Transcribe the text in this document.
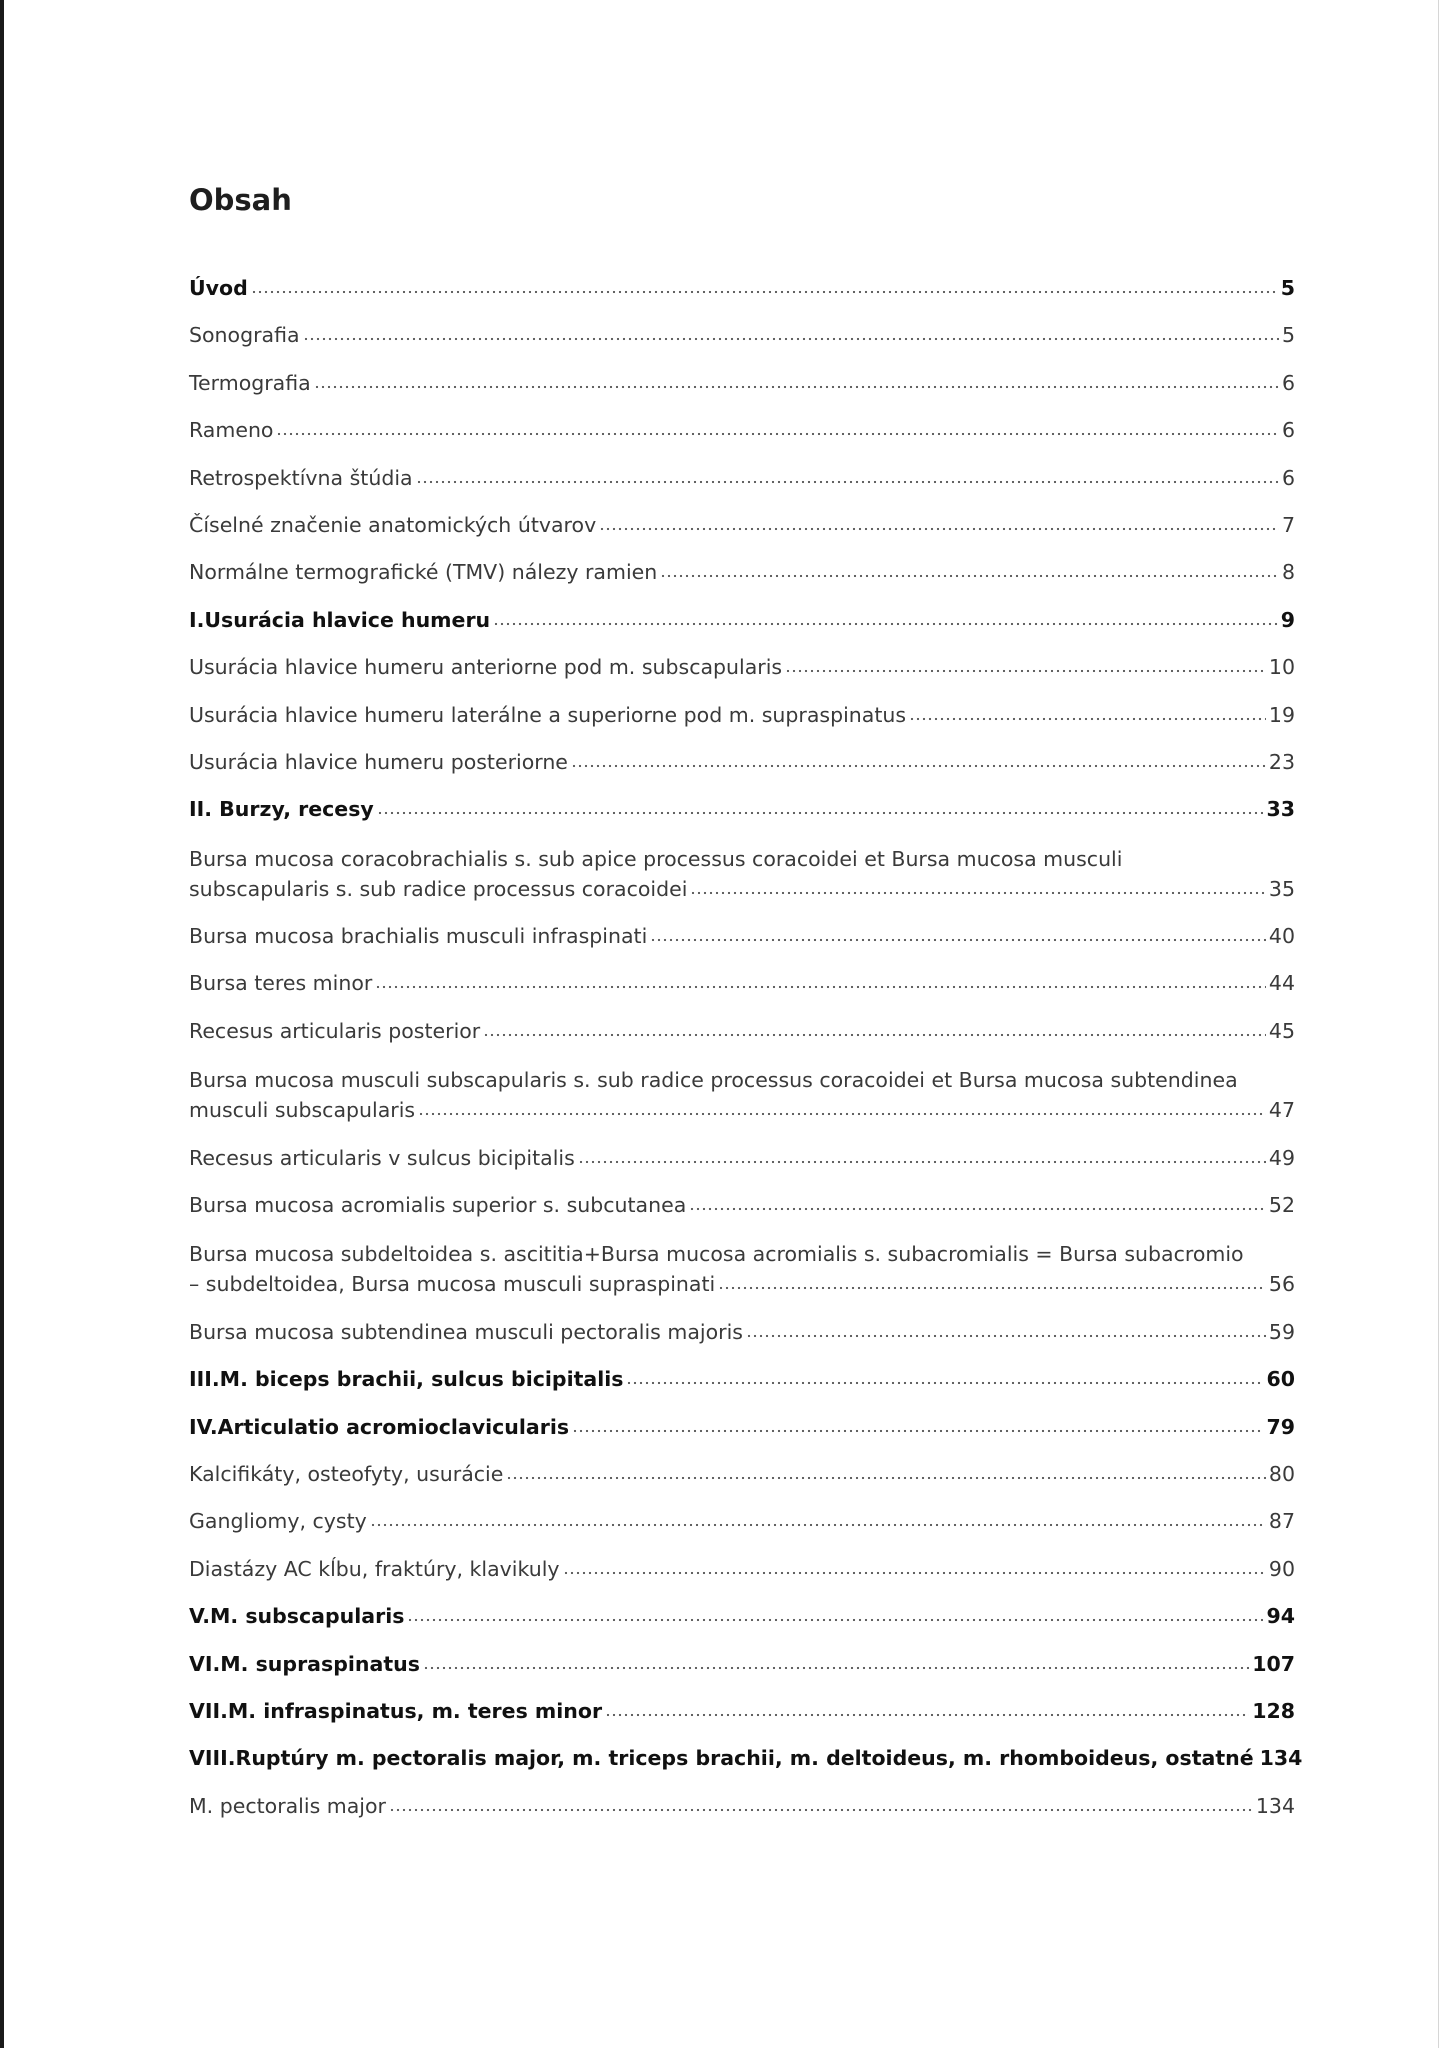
Obsah
Úvod	5
Sonografia	5
Termografia	6
Rameno	6
Retrospektívna štúdia	6
Číselné značenie anatomických útvarov	7
Normálne termografické (TMV) nálezy ramien	8
I.Usurácia hlavice humeru	9
Usurácia hlavice humeru anteriorne pod m. subscapularis	10
Usurácia hlavice humeru laterálne a superiorne pod m. supraspinatus	19
Usurácia hlavice humeru posteriorne	23
II. Burzy, recesy	33
Bursa mucosa coracobrachialis s. sub apice processus coracoidei et Bursa mucosa musculi
subscapularis s. sub radice processus coracoidei	35
Bursa mucosa brachialis musculi infraspinati	40
Bursa teres minor	44
Recesus articularis posterior	45
Bursa mucosa musculi subscapularis s. sub radice processus coracoidei et Bursa mucosa subtendinea
musculi subscapularis	47
Recesus articularis v sulcus bicipitalis	49
Bursa mucosa acromialis superior s. subcutanea	52
Bursa mucosa subdeltoidea s. ascititia+Bursa mucosa acromialis s. subacromialis = Bursa subacromio
– subdeltoidea, Bursa mucosa musculi supraspinati	56
Bursa mucosa subtendinea musculi pectoralis majoris	59
III.M. biceps brachii, sulcus bicipitalis	60
IV.Articulatio acromioclavicularis	79
Kalcifikáty, osteofyty, usurácie	80
Gangliomy, cysty	87
Diastázy AC kĺbu, fraktúry, klavikuly	90
V.M. subscapularis	94
VI.M. supraspinatus	107
VII.M. infraspinatus, m. teres minor	128
VIII.Ruptúry m. pectoralis major, m. triceps brachii, m. deltoideus, m. rhomboideus, ostatné 134
M. pectoralis major	134
